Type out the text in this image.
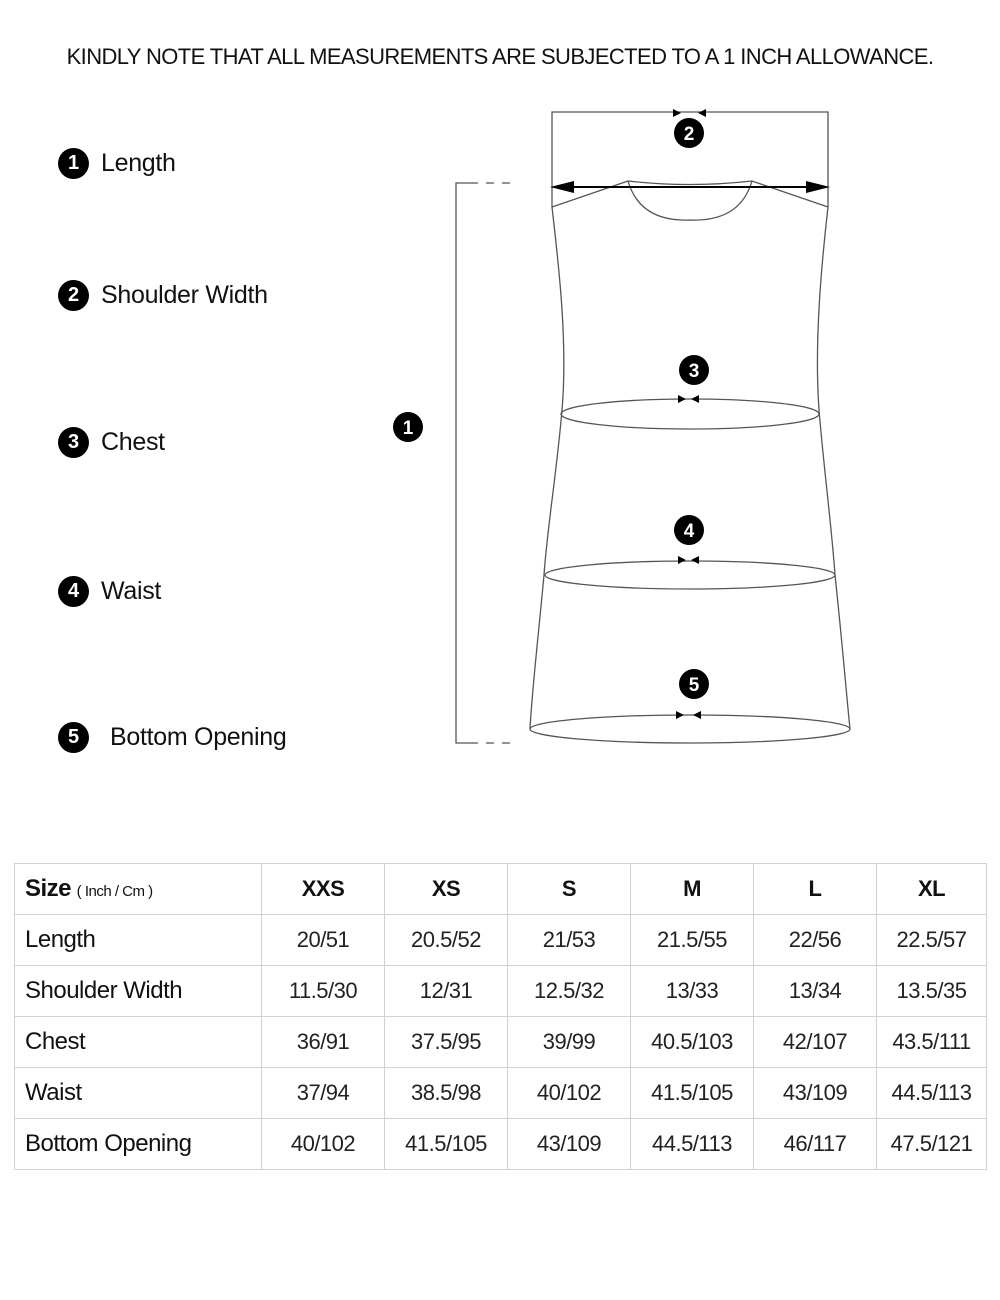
KINDLY NOTE THAT ALL MEASUREMENTS ARE SUBJECTED TO A 1 INCH ALLOWANCE.
1 Length
2 Shoulder Width
3 Chest
4 Waist
5	Bottom Opening
2
3
4
5
1
Size ( Inch / Cm )	XXS	XS	S	M	L	XL
Length	20/51	20.5/52	21/53	21.5/55	22/56	22.5/57
Shoulder Width	11.5/30	12/31	12.5/32	13/33	13/34	13.5/35
Chest	36/91	37.5/95	39/99	40.5/103	42/107	43.5/111
Waist	37/94	38.5/98	40/102	41.5/105	43/109	44.5/113
Bottom Opening	40/102	41.5/105	43/109	44.5/113	46/117	47.5/121
